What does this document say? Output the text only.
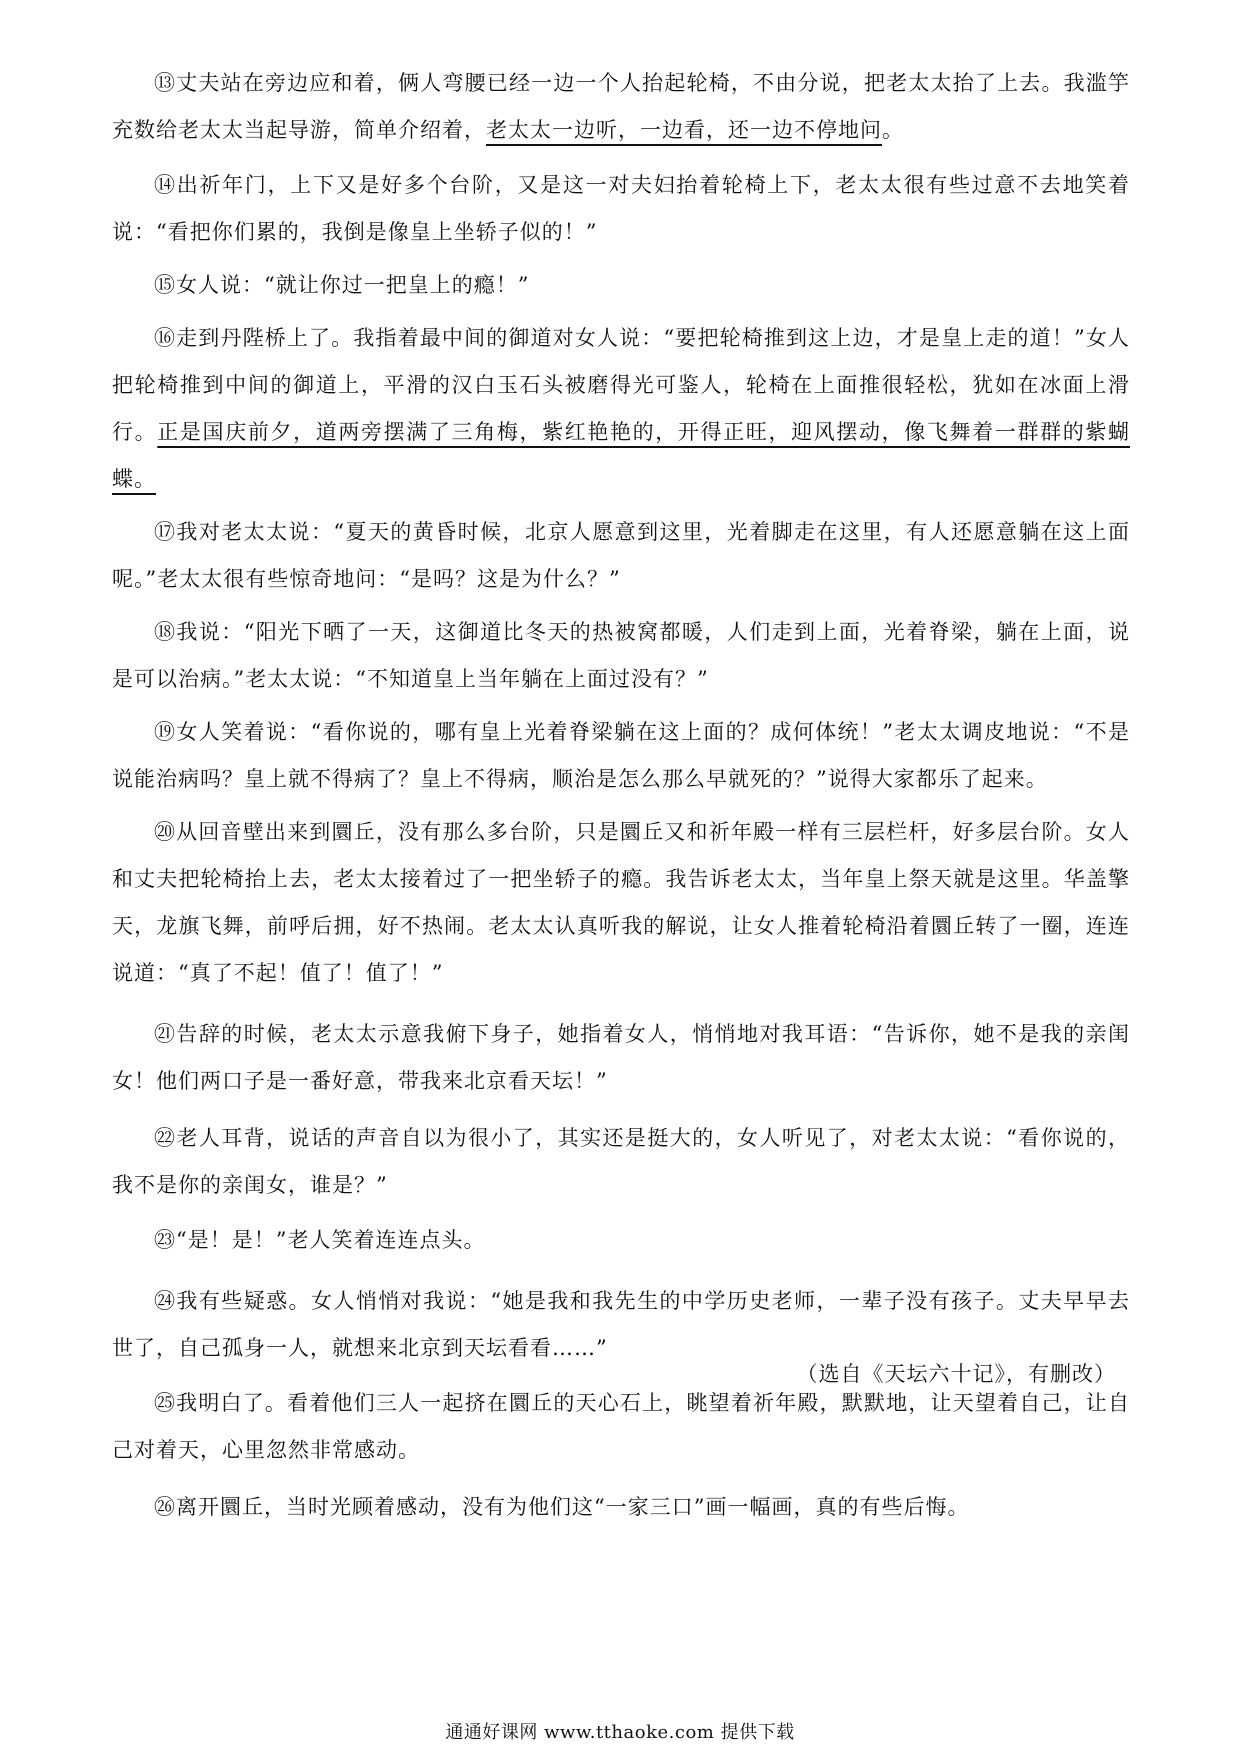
⑬丈夫站在旁边应和着，俩人弯腰已经一边一个人抬起轮椅，不由分说，把老太太抬了上去。我滥竽充数给老太太当起导游，简单介绍着，老太太一边听，一边看，还一边不停地问。

⑭出祈年门，上下又是好多个台阶，又是这一对夫妇抬着轮椅上下，老太太很有些过意不去地笑着说：“看把你们累的，我倒是像皇上坐轿子似的！”

⑮女人说：“就让你过一把皇上的瘾！”

⑯走到丹陛桥上了。我指着最中间的御道对女人说：“要把轮椅推到这上边，才是皇上走的道！”女人把轮椅推到中间的御道上，平滑的汉白玉石头被磨得光可鉴人，轮椅在上面推很轻松，犹如在冰面上滑行。正是国庆前夕，道两旁摆满了三角梅，紫红艳艳的，开得正旺，迎风摆动，像飞舞着一群群的紫蝴蝶。

⑰我对老太太说：“夏天的黄昏时候，北京人愿意到这里，光着脚走在这里，有人还愿意躺在这上面呢。”老太太很有些惊奇地问：“是吗？这是为什么？”

⑱我说：“阳光下晒了一天，这御道比冬天的热被窝都暖，人们走到上面，光着脊梁，躺在上面，说是可以治病。”老太太说：“不知道皇上当年躺在上面过没有？”

⑲女人笑着说：“看你说的，哪有皇上光着脊梁躺在这上面的？成何体统！”老太太调皮地说：“不是说能治病吗？皇上就不得病了？皇上不得病，顺治是怎么那么早就死的？”说得大家都乐了起来。

⑳从回音壁出来到圜丘，没有那么多台阶，只是圜丘又和祈年殿一样有三层栏杆，好多层台阶。女人和丈夫把轮椅抬上去，老太太接着过了一把坐轿子的瘾。我告诉老太太，当年皇上祭天就是这里。华盖擎天，龙旗飞舞，前呼后拥，好不热闹。老太太认真听我的解说，让女人推着轮椅沿着圜丘转了一圈，连连说道：“真了不起！值了！值了！”

㉑告辞的时候，老太太示意我俯下身子，她指着女人，悄悄地对我耳语：“告诉你，她不是我的亲闺女！他们两口子是一番好意，带我来北京看天坛！”

㉒老人耳背，说话的声音自以为很小了，其实还是挺大的，女人听见了，对老太太说：“看你说的，我不是你的亲闺女，谁是？”

㉓“是！是！”老人笑着连连点头。

㉔我有些疑惑。女人悄悄对我说：“她是我和我先生的中学历史老师，一辈子没有孩子。丈夫早早去世了，自己孤身一人，就想来北京到天坛看看……”

㉕我明白了。看着他们三人一起挤在圜丘的天心石上，眺望着祈年殿，默默地，让天望着自己，让自己对着天，心里忽然非常感动。

㉖离开圜丘，当时光顾着感动，没有为他们这“一家三口”画一幅画，真的有些后悔。

（选自《天坛六十记》，有删改）
通通好课网 www.tthaoke.com 提供下载
